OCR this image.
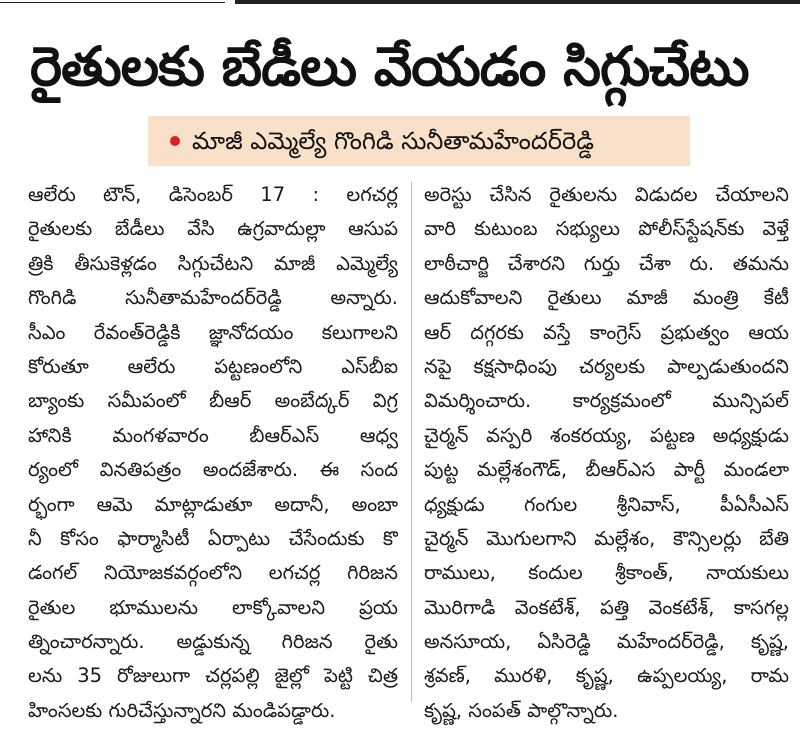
రైతులకు బేడీలు వేయడం సిగ్గుచేటు
మాజీ ఎమ్మెల్యే గొంగిడి సునీతామహేందర్‌రెడ్డి
ఆలేరు టౌన్, డిసెంబర్ 17 : లగచర్ల
రైతులకు బేడీలు వేసి ఉగ్రవాదుల్లా ఆసుప
త్రికి తీసుకెళ్లడం సిగ్గుచేటని మాజీ ఎమ్మెల్యే
గొంగిడి సునీతామహేందర్‌రెడ్డి అన్నారు.
సీఎం రేవంత్‌రెడ్డికి జ్ఞానోదయం కలుగాలని
కోరుతూ ఆలేరు పట్టణంలోని ఎస్‌బీఐ
బ్యాంకు సమీపంలో బీఆర్ అంబేద్కర్ విగ్ర
హానికి మంగళవారం బీఆర్‌ఎస్ ఆధ్వ
ర్యంలో వినతిపత్రం అందజేశారు. ఈ సంద
ర్భంగా ఆమె మాట్లాడుతూ అదానీ, అంబా
నీ కోసం ఫార్మాసిటీ ఏర్పాటు చేసేందుకు కొ
డంగల్ నియోజకవర్గంలోని లగచర్ల గిరిజన
రైతుల భూములను లాక్కోవాలని ప్రయ
త్నించారన్నారు. అడ్డుకున్న గిరిజన రైతు
లను 35 రోజులుగా చర్లపల్లి జైల్లో పెట్టి చిత్ర
హింసలకు గురిచేస్తున్నారని మండిపడ్డారు.
అరెస్టు చేసిన రైతులను విడుదల చేయాలని
వారి కుటుంబ సభ్యులు పోలీస్‌స్టేషన్‌కు వెళ్తే
లాఠీచార్జి చేశారని గుర్తు చేశా రు. తమను
ఆదుకోవాలని రైతులు మాజీ మంత్రి కేటీ
ఆర్ దగ్గరకు వస్తే కాంగ్రెస్ ప్రభుత్వం ఆయ
నపై కక్షసాధింపు చర్యలకు పాల్పడుతుందని
విమర్శించారు. కార్యక్రమంలో మున్సిపల్
చైర్మన్ వస్పరి శంకరయ్య, పట్టణ అధ్యక్షుడు
పుట్ట మల్లేశంగౌడ్, బీఆర్‌ఎస పార్టీ మండలా
ధ్యక్షుడు గంగుల శ్రీనివాస్, పీఏసీఎస్
చైర్మన్ మొగులగాని మల్లేశం, కౌన్సిలర్లు బేతి
రాములు, కందుల శ్రీకాంత్, నాయకులు
మొరిగాడి వెంకటేశ్, పత్తి వెంకటేశ్, కాసగల్ల
అనసూయ, ఏసిరెడ్డి మహేందర్‌రెడ్డి, కృష్ణ,
శ్రవణ్, మురళి, కృష్ణ, ఉప్పలయ్య, రామ
కృష్ణ, సంపత్ పాల్గొన్నారు.
